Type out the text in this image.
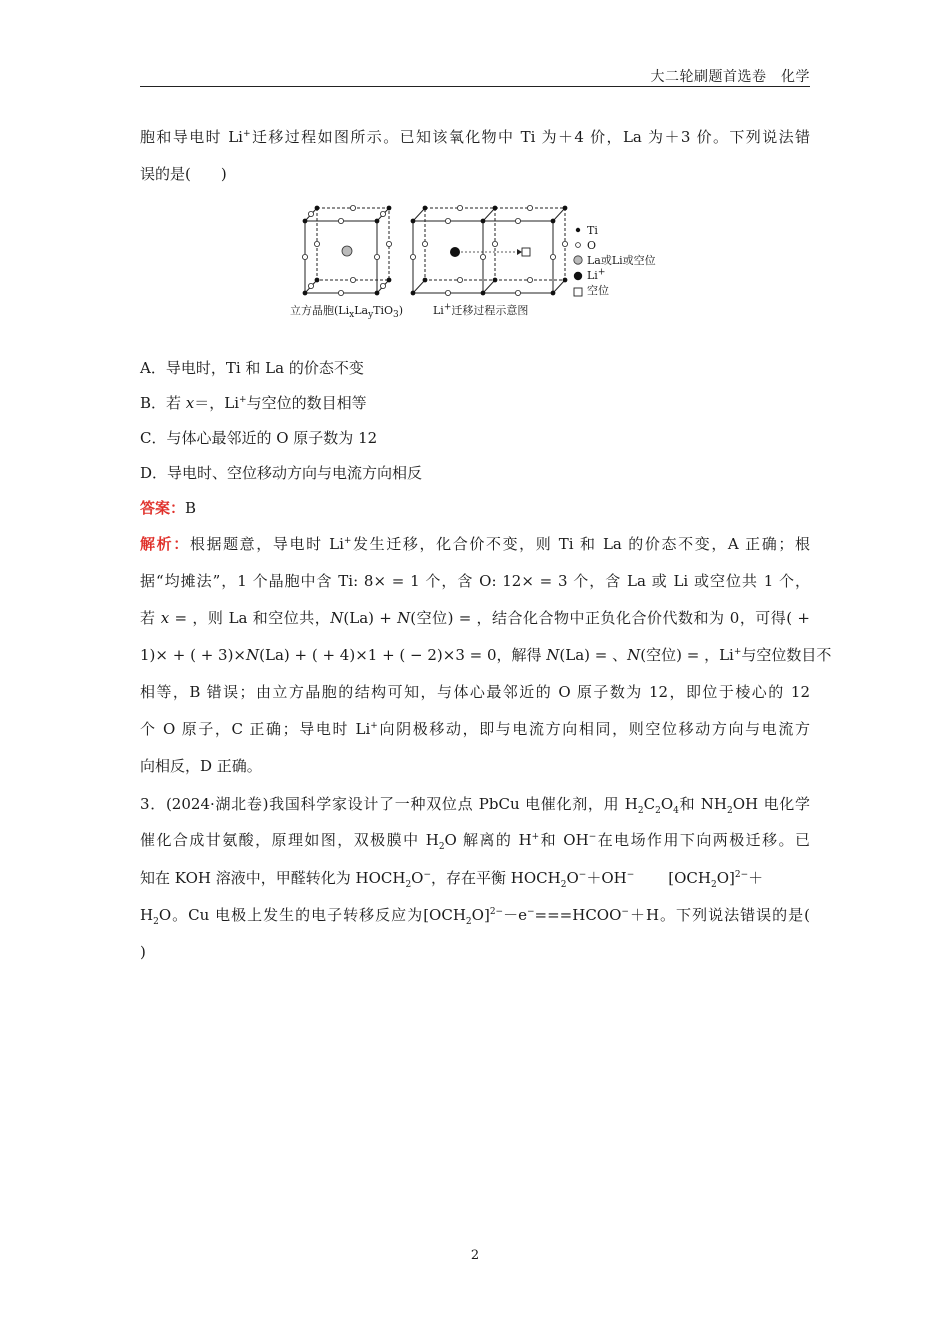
大二轮刷题首选卷　化学
胞和导电时 Li+迁移过程如图所示。已知该氧化物中 Ti 为＋4 价，La 为＋3 价。下列说法错
误的是(　　)
Ti
O
La或Li或空位
Li+
空位
立方晶胞$(Li_xLa_yTiO_3)$	Li+迁移过程示意图
A．导电时，Ti 和 La 的价态不变
B．若 x＝，Li+与空位的数目相等
C．与体心最邻近的 O 原子数为 12
D．导电时、空位移动方向与电流方向相反
答案：B
解析：根据题意，导电时 Li+发生迁移，化合价不变，则 Ti 和 La 的价态不变，A 正确；根
据“均摊法”，1 个晶胞中含 Ti: 8× = 1 个，含 O: 12× = 3 个，含 La 或 Li 或空位共 1 个，
若 x = ，则 La 和空位共，N(La) + N(空位) = ，结合化合物中正负化合价代数和为 0，可得( +
1)× + ( + 3)×N(La) + ( + 4)×1 + ( − 2)×3 = 0，解得 N(La) = 、N(空位) = ，Li+与空位数目不
相等，B 错误；由立方晶胞的结构可知，与体心最邻近的 O 原子数为 12，即位于棱心的 12
个 O 原子，C 正确；导电时 Li+向阴极移动，即与电流方向相同，则空位移动方向与电流方
向相反，D 正确。
3．(2024·湖北卷)我国科学家设计了一种双位点 PbCu 电催化剂，用 $H_2C_2O_4$和 $NH_2OH$ 电化学
催化合成甘氨酸，原理如图，双极膜中 $H_2O$ 解离的 H+和 OH−在电场作用下向两极迁移。已
知在 KOH 溶液中，甲醛转化为 $HOCH_2O^-$，存在平衡 $HOCH_2O^-+OH^-$ $[OCH_2O]^{2-}+$
$H_2O$。Cu 电极上发生的电子转移反应为$[OCH_2O]^{2-}-e^-===HCOO^-+H$。下列说法错误的是(
)
2
